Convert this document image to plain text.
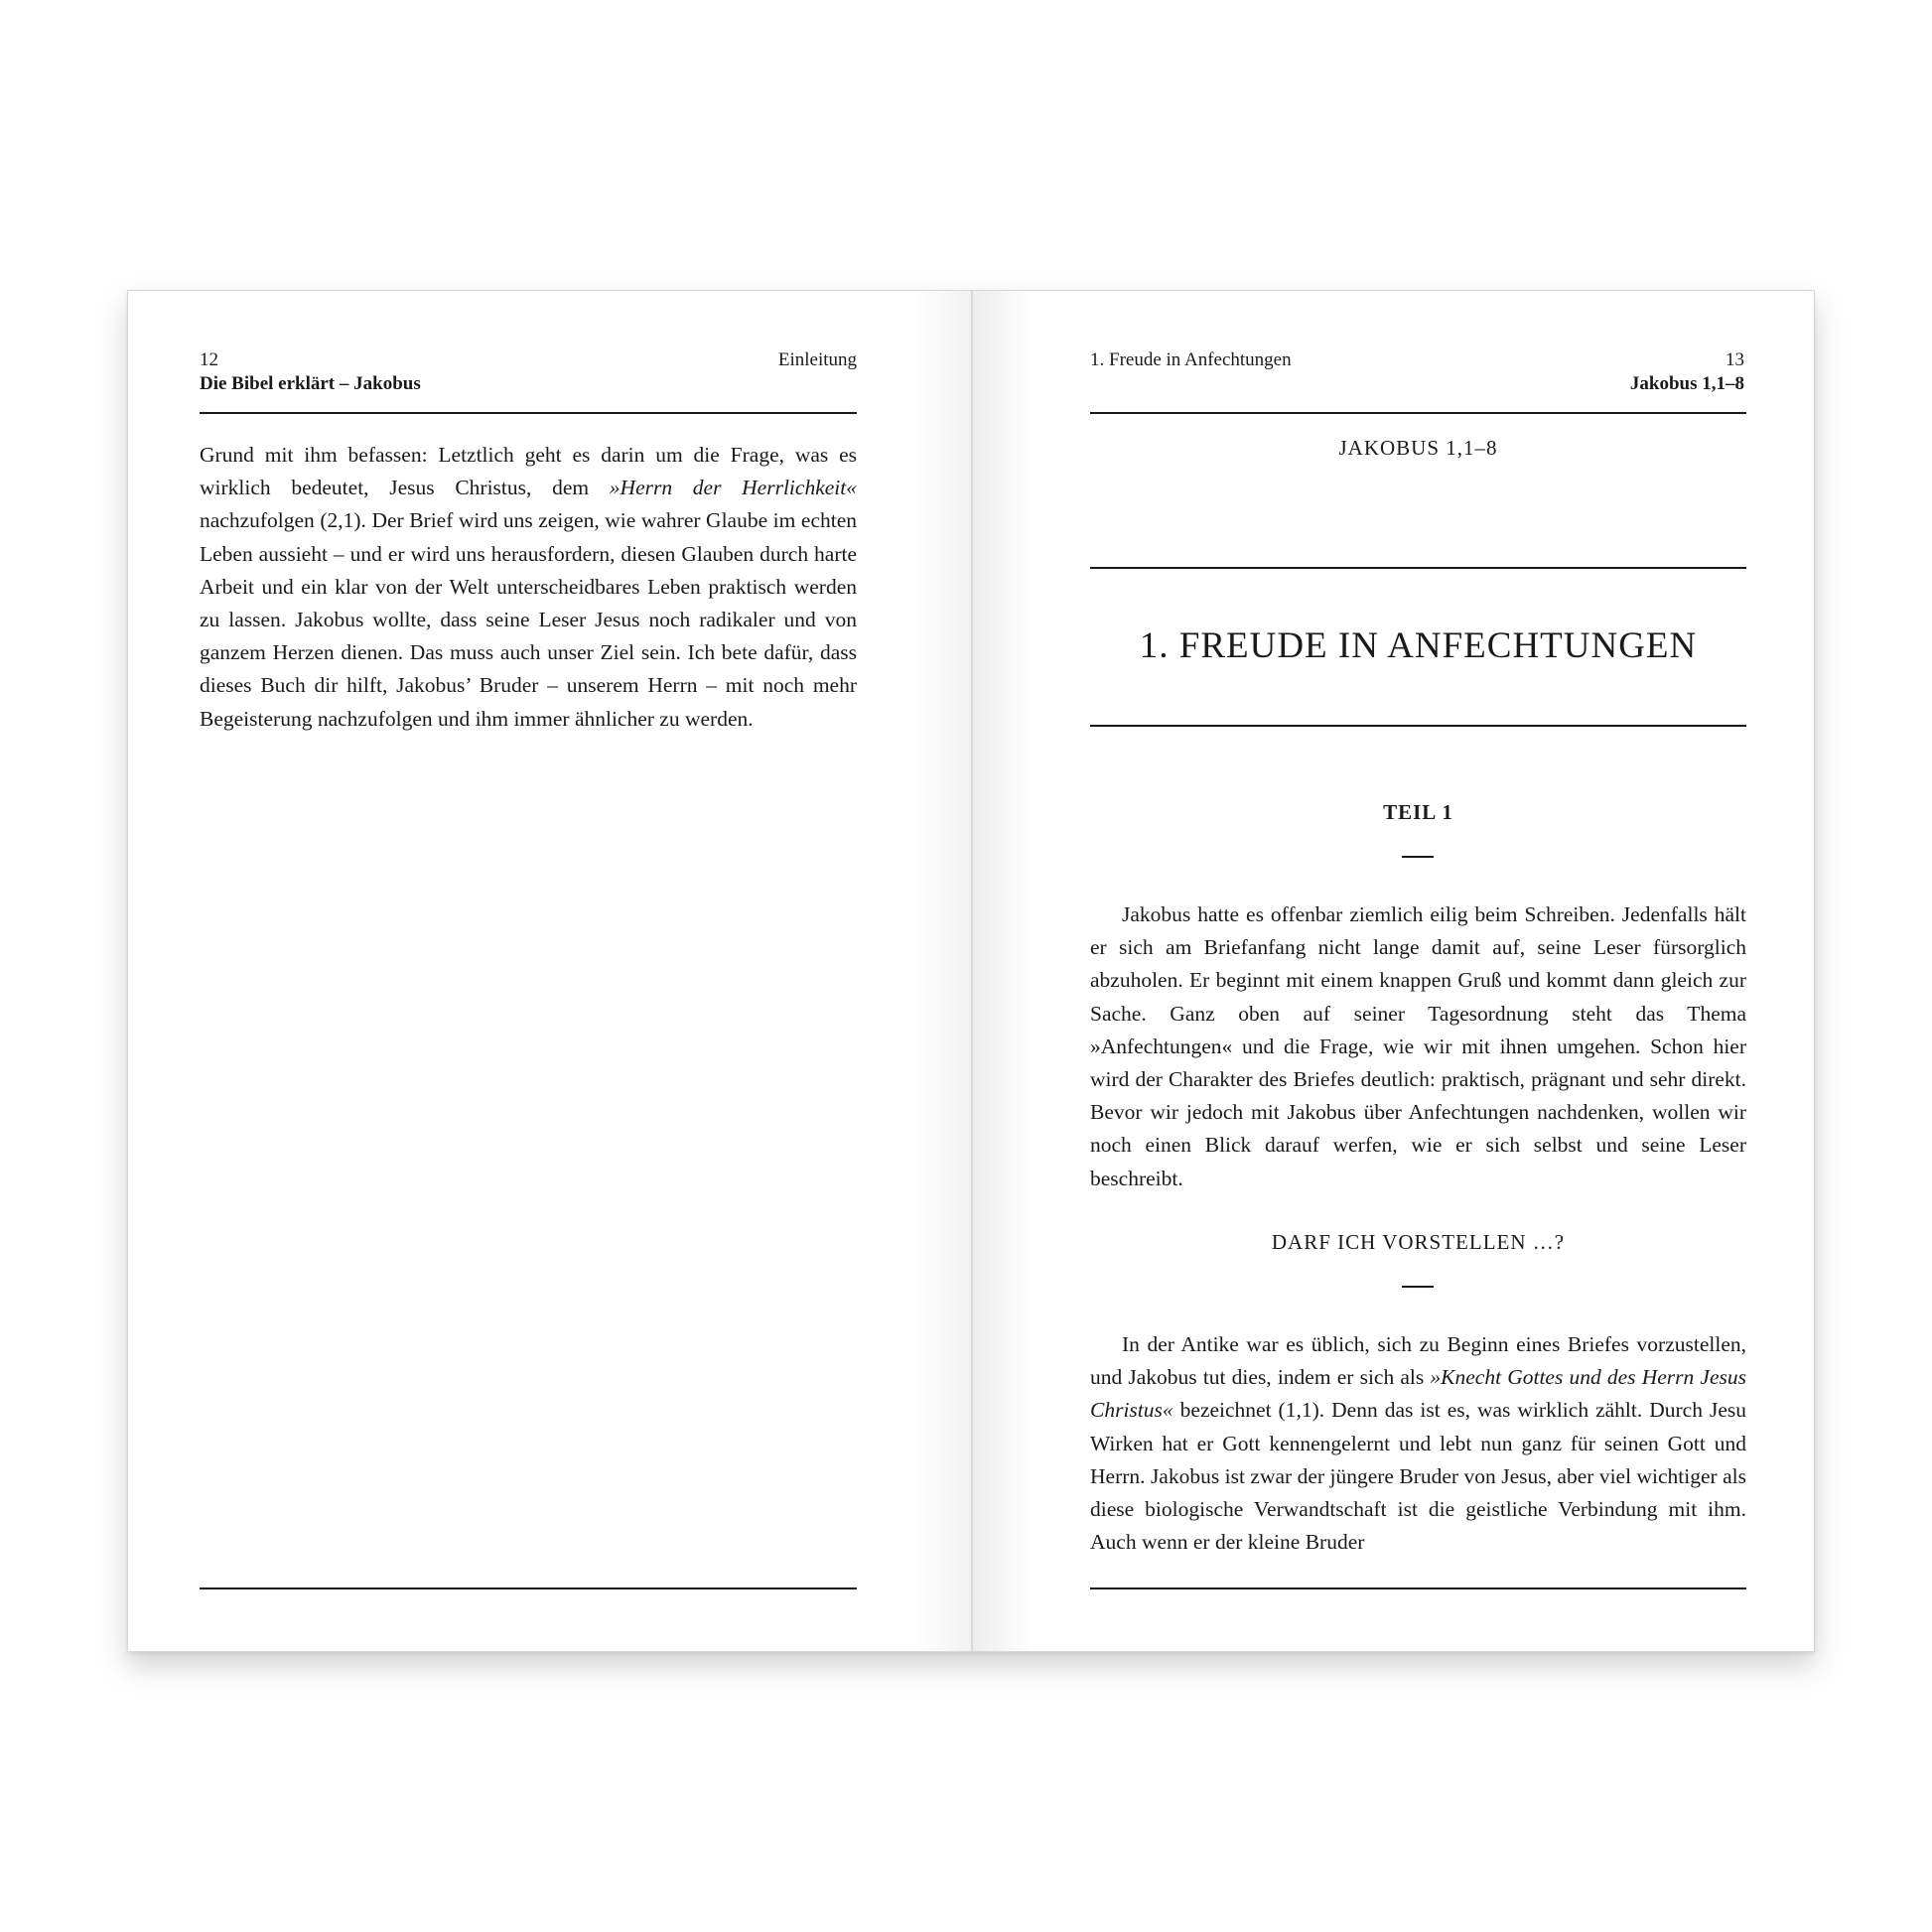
12
Die Bibel erklärt – Jakobus
Einleitung

Grund mit ihm befassen: Letztlich geht es darin um die Frage, was es wirklich bedeutet, Jesus Christus, dem »Herrn der Herrlichkeit« nachzufolgen (2,1). Der Brief wird uns zeigen, wie wahrer Glaube im echten Leben aussieht – und er wird uns herausfordern, diesen Glauben durch harte Arbeit und ein klar von der Welt unterscheidbares Leben praktisch werden zu lassen. Jakobus wollte, dass seine Leser Jesus noch radikaler und von ganzem Herzen dienen. Das muss auch unser Ziel sein. Ich bete dafür, dass dieses Buch dir hilft, Jakobus’ Bruder – unserem Herrn – mit noch mehr Begeisterung nachzufolgen und ihm immer ähnlicher zu werden.

1. Freude in Anfechtungen	13
Jakobus 1,1–8
JAKOBUS 1,1–8
1. FREUDE IN ANFECHTUNGEN
TEIL 1

Jakobus hatte es offenbar ziemlich eilig beim Schreiben. Jedenfalls hält er sich am Briefanfang nicht lange damit auf, seine Leser fürsorglich abzuholen. Er beginnt mit einem knappen Gruß und kommt dann gleich zur Sache. Ganz oben auf seiner Tagesordnung steht das Thema »Anfechtungen« und die Frage, wie wir mit ihnen umgehen. Schon hier wird der Charakter des Briefes deutlich: praktisch, prägnant und sehr direkt. Bevor wir jedoch mit Jakobus über Anfechtungen nachdenken, wollen wir noch einen Blick darauf werfen, wie er sich selbst und seine Leser beschreibt.

DARF ICH VORSTELLEN …?

In der Antike war es üblich, sich zu Beginn eines Briefes vorzustellen, und Jakobus tut dies, indem er sich als »Knecht Gottes und des Herrn Jesus Christus« bezeichnet (1,1). Denn das ist es, was wirklich zählt. Durch Jesu Wirken hat er Gott kennengelernt und lebt nun ganz für seinen Gott und Herrn. Jakobus ist zwar der jüngere Bruder von Jesus, aber viel wichtiger als diese biologische Verwandtschaft ist die geistliche Verbindung mit ihm. Auch wenn er der kleine Bruder
